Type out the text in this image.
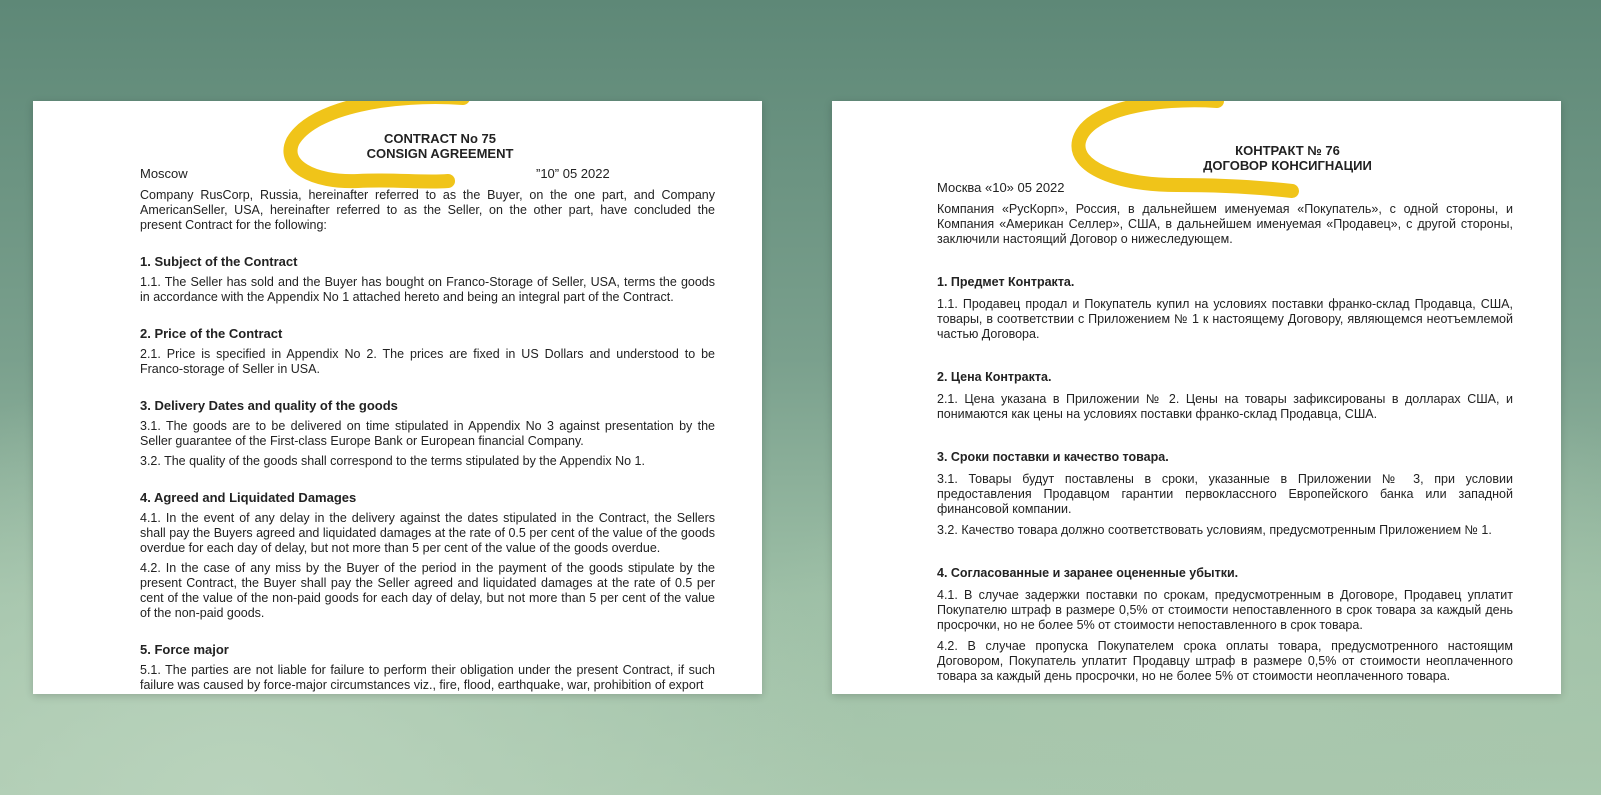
CONTRACT No 75
CONSIGN AGREEMENT
Moscow	”10” 05 2022

Company RusCorp, Russia, hereinafter referred to as the Buyer, on the one part, and Company AmericanSeller, USA, hereinafter referred to as the Seller, on the other part, have concluded the present Contract for the following:

1. Subject of the Contract

1.1. The Seller has sold and the Buyer has bought on Franco-Storage of Seller, USA, terms the goods in accordance with the Appendix No 1 attached hereto and being an integral part of the Contract.

2. Price of the Contract

2.1. Price is specified in Appendix No 2. The prices are fixed in US Dollars and understood to be Franco-storage of Seller in USA.

3. Delivery Dates and quality of the goods

3.1. The goods are to be delivered on time stipulated in Appendix No 3 against presentation by the Seller guarantee of the First-class Europe Bank or European financial Company.

3.2. The quality of the goods shall correspond to the terms stipulated by the Appendix No 1.

4. Agreed and Liquidated Damages

4.1. In the event of any delay in the delivery against the dates stipulated in the Contract, the Sellers shall pay the Buyers agreed and liquidated damages at the rate of 0.5 per cent of the value of the goods overdue for each day of delay, but not more than 5 per cent of the value of the goods overdue.

4.2. In the case of any miss by the Buyer of the period in the payment of the goods stipulate by the present Contract, the Buyer shall pay the Seller agreed and liquidated damages at the rate of 0.5 per cent of the value of the non-paid goods for each day of delay, but not more than 5 per cent of the value of the non-paid goods.

5. Force major

5.1. The parties are not liable for failure to perform their obligation under the present Contract, if such failure was caused by force-major circumstances viz., fire, flood, earthquake, war, prohibition of export

КОНТРАКТ № 76
ДОГОВОР КОНСИГНАЦИИ
Москва «10» 05 2022

Компания «РусКорп», Россия, в дальнейшем именуемая «Покупатель», с одной стороны, и Компания «Американ Селлер», США, в дальнейшем именуемая «Продавец», с другой стороны, заключили настоящий Договор о нижеследующем.

1. Предмет Контракта.

1.1. Продавец продал и Покупатель купил на условиях поставки франко-склад Продавца, США, товары, в соответствии с Приложением № 1 к настоящему Договору, являющемся неотъемлемой частью Договора.

2. Цена Контракта.

2.1. Цена указана в Приложении № 2. Цены на товары зафиксированы в долларах США, и понимаются как цены на условиях поставки франко-склад Продавца, США.

3. Сроки поставки и качество товара.

3.1. Товары будут поставлены в сроки, указанные в Приложении № 3, при условии предоставления Продавцом гарантии первоклассного Европейского банка или западной финансовой компании.

3.2. Качество товара должно соответствовать условиям, предусмотренным Приложением № 1.

4. Согласованные и заранее оцененные убытки.

4.1. В случае задержки поставки по срокам, предусмотренным в Договоре, Продавец уплатит Покупателю штраф в размере 0,5% от стоимости непоставленного в срок товара за каждый день просрочки, но не более 5% от стоимости непоставленного в срок товара.

4.2. В случае пропуска Покупателем срока оплаты товара, предусмотренного настоящим Договором, Покупатель уплатит Продавцу штраф в размере 0,5% от стоимости неоплаченного товара за каждый день просрочки, но не более 5% от стоимости неоплаченного товара.
